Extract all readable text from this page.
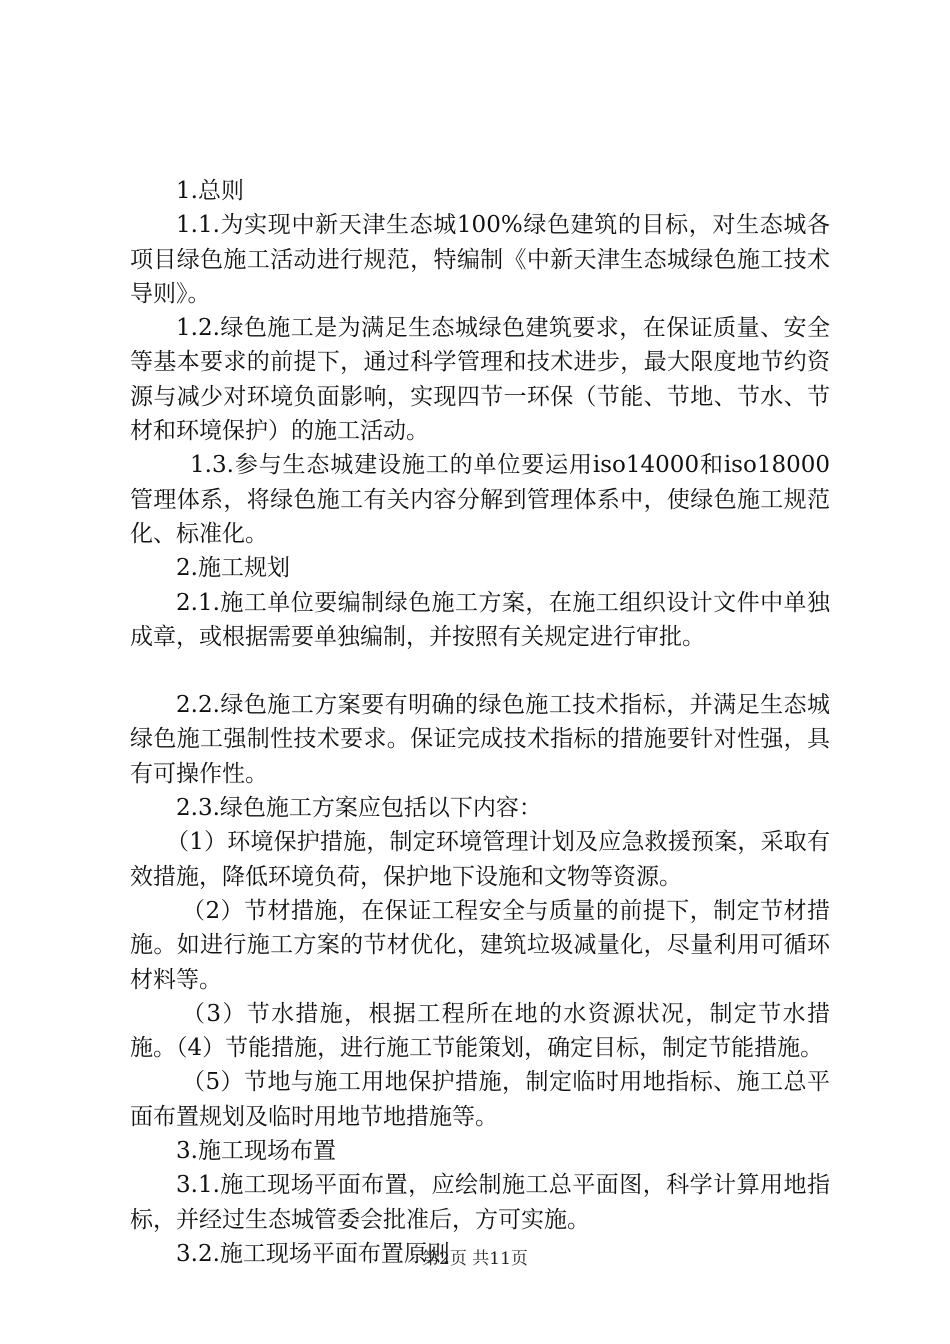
1.总则

1.1.为实现中新天津生态城100%绿色建筑的目标，对生态城各项目绿色施工活动进行规范，特编制《中新天津生态城绿色施工技术导则》。

1.2.绿色施工是为满足生态城绿色建筑要求，在保证质量、安全等基本要求的前提下，通过科学管理和技术进步，最大限度地节约资源与减少对环境负面影响，实现四节一环保（节能、节地、节水、节材和环境保护）的施工活动。

1.3.参与生态城建设施工的单位要运用iso14000和iso18000管理体系，将绿色施工有关内容分解到管理体系中，使绿色施工规范化、标准化。

2.施工规划

2.1.施工单位要编制绿色施工方案，在施工组织设计文件中单独成章，或根据需要单独编制，并按照有关规定进行审批。

2.2.绿色施工方案要有明确的绿色施工技术指标，并满足生态城绿色施工强制性技术要求。保证完成技术指标的措施要针对性强，具有可操作性。

2.3.绿色施工方案应包括以下内容：

（1）环境保护措施，制定环境管理计划及应急救援预案，采取有效措施，降低环境负荷，保护地下设施和文物等资源。

（2）节材措施，在保证工程安全与质量的前提下，制定节材措施。如进行施工方案的节材优化，建筑垃圾减量化，尽量利用可循环材料等。

（3）节水措施，根据工程所在地的水资源状况，制定节水措施。（4）节能措施，进行施工节能策划，确定目标，制定节能措施。

（5）节地与施工用地保护措施，制定临时用地指标、施工总平面布置规划及临时用地节地措施等。

3.施工现场布置

3.1.施工现场平面布置，应绘制施工总平面图，科学计算用地指标，并经过生态城管委会批准后，方可实施。

3.2.施工现场平面布置原则

第2页 共11页
